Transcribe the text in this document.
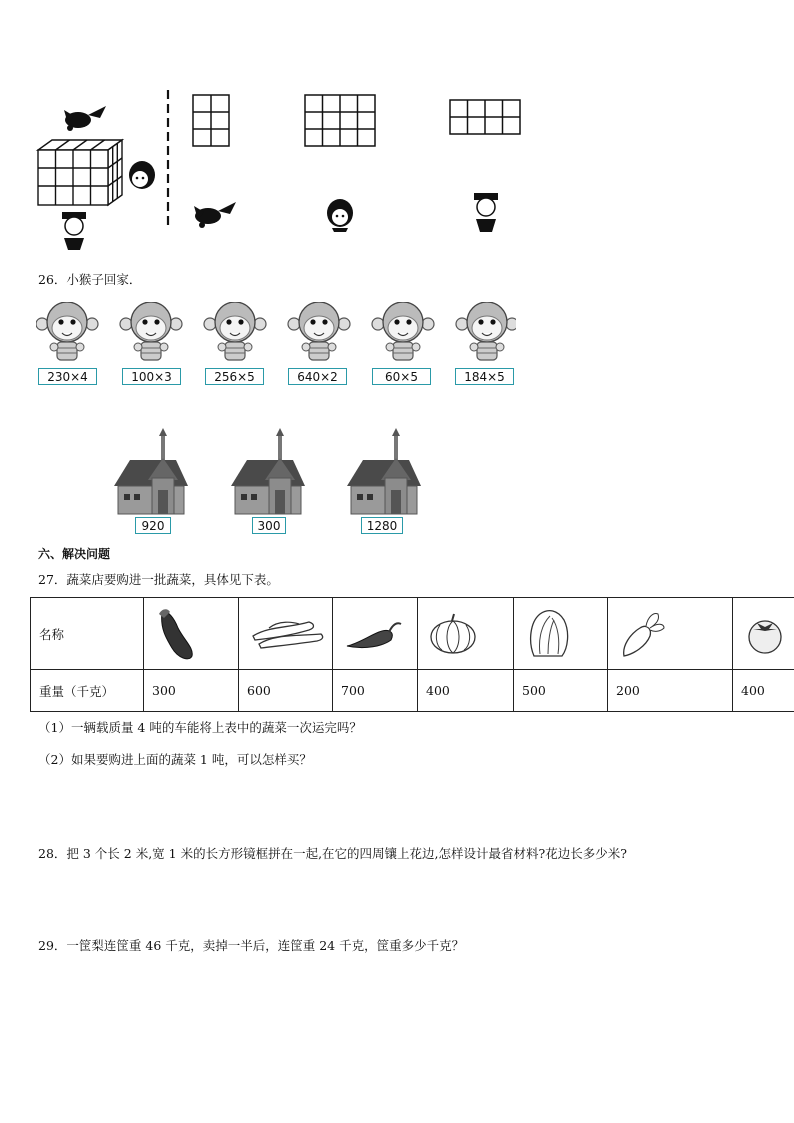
26．小猴子回家．
230×4	100×3	256×5	640×2	60×5	184×5
920	300	1280
六、解决问题
27．蔬菜店要购进一批蔬菜，具体见下表。
名称	

重量（千克）	300	600	700	400	500	200	400
（1）一辆载质量 4 吨的车能将上表中的蔬菜一次运完吗？
（2）如果要购进上面的蔬菜 1 吨，可以怎样买？
28．把 3 个长 2 米,宽 1 米的长方形镜框拼在一起,在它的四周镶上花边,怎样设计最省材料?花边长多少米?
29．一筐梨连筐重 46 千克，卖掉一半后，连筐重 24 千克，筐重多少千克？
